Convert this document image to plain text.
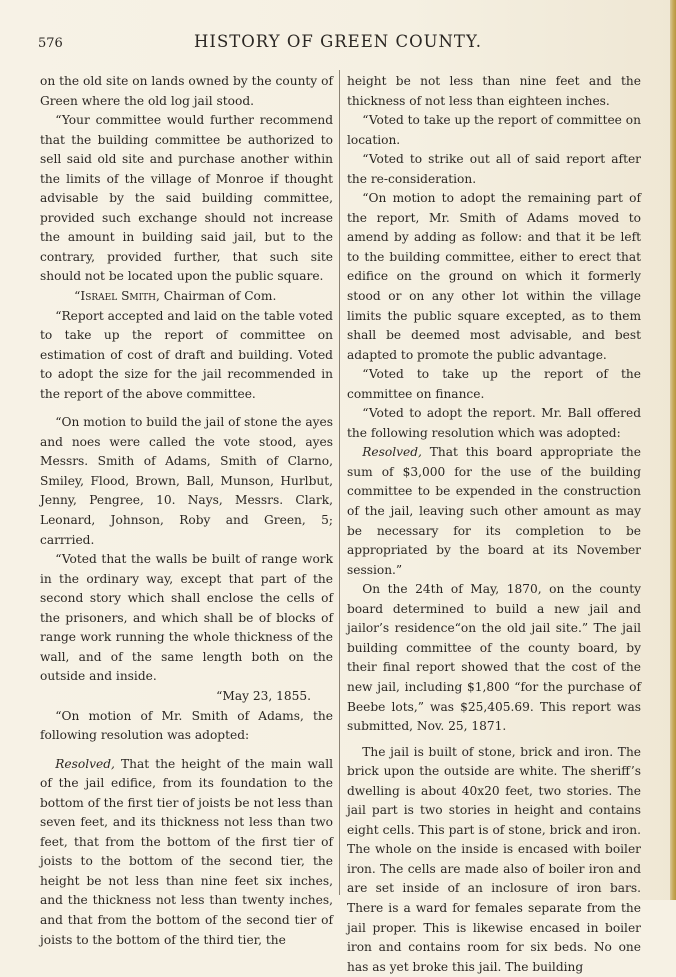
576	HISTORY OF GREEN COUNTY.

on the old site on lands owned by the county of Green where the old log jail stood.

“Your committee would further recommend that the building committee be authorized to sell said old site and purchase another within the limits of the village of Monroe if thought advisable by the said building committee, provided such exchange should not increase the amount in building said jail, but to the contrary, provided further, that such site should not be located upon the public square.

“Israel Smith, Chairman of Com.

“Report accepted and laid on the table voted to take up the report of committee on estimation of cost of draft and building. Voted to adopt the size for the jail recommended in the report of the above committee.

“On motion to build the jail of stone the ayes and noes were called the vote stood, ayes Messrs. Smith of Adams, Smith of Clarno, Smiley, Flood, Brown, Ball, Munson, Hurlbut, Jenny, Pengree, 10. Nays, Messrs. Clark, Leonard, Johnson, Roby and Green, 5; carrried.

“Voted that the walls be built of range work in the ordinary way, except that part of the second story which shall enclose the cells of the prisoners, and which shall be of blocks of range work running the whole thickness of the wall, and of the same length both on the outside and inside.

“May 23, 1855.

“On motion of Mr. Smith of Adams, the following resolution was adopted:

Resolved, That the height of the main wall of the jail edifice, from its foundation to the bottom of the first tier of joists be not less than seven feet, and its thickness not less than two feet, that from the bottom of the first tier of joists to the bottom of the second tier, the height be not less than nine feet six inches, and the thickness not less than twenty inches, and that from the bottom of the second tier of joists to the bottom of the third tier, the

height be not less than nine feet and the thickness of not less than eighteen inches.

“Voted to take up the report of committee on location.

“Voted to strike out all of said report after the re-consideration.

“On motion to adopt the remaining part of the report, Mr. Smith of Adams moved to amend by adding as follow: and that it be left to the building committee, either to erect that edifice on the ground on which it formerly stood or on any other lot within the village limits the public square excepted, as to them shall be deemed most advisable, and best adapted to promote the public advantage.

“Voted to take up the report of the committee on finance.

“Voted to adopt the report. Mr. Ball offered the following resolution which was adopted:

Resolved, That this board appropriate the sum of $3,000 for the use of the building committee to be expended in the construction of the jail, leaving such other amount as may be necessary for its completion to be appropriated by the board at its November session.”

On the 24th of May, 1870, on the county board determined to build a new jail and jailor’s residence“on the old jail site.” The jail building committee of the county board, by their final report showed that the cost of the new jail, including $1,800 “for the purchase of Beebe lots,” was $25,405.69. This report was submitted, Nov. 25, 1871.

The jail is built of stone, brick and iron. The brick upon the outside are white. The sheriff’s dwelling is about 40x20 feet, two stories. The jail part is two stories in height and contains eight cells. This part is of stone, brick and iron. The whole on the inside is encased with boiler iron. The cells are made also of boiler iron and are set inside of an inclosure of iron bars. There is a ward for females separate from the jail proper. This is likewise encased in boiler iron and contains room for six beds. No one has as yet broke this jail. The building
